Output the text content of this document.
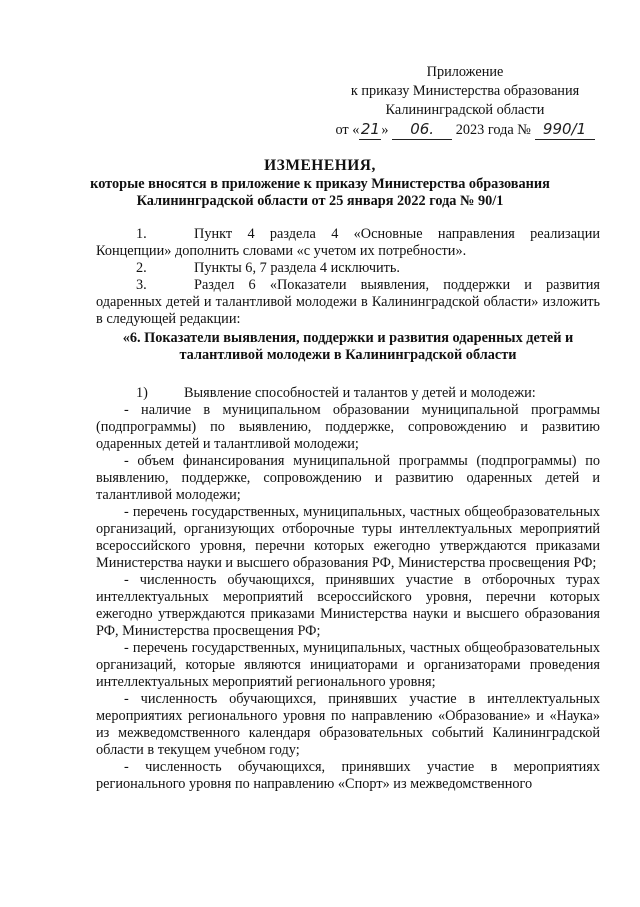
Приложение
к приказу Министерства образования
Калининградской области
от «21» 06. 2023 года № 990/1
ИЗМЕНЕНИЯ,
которые вносятся в приложение к приказу Министерства образования
Калининградской области от 25 января 2022 года № 90/1

1.	Пункт 4 раздела 4 «Основные направления реализации Концепции» дополнить словами «с учетом их потребности».

2.	Пункты 6, 7 раздела 4 исключить.

3.	Раздел 6 «Показатели выявления, поддержки и развития одаренных детей и талантливой молодежи в Калининградской области» изложить в следующей редакции:

«6. Показатели выявления, поддержки и развития одаренных детей и талантливой молодежи в Калининградской области

1)	Выявление способностей и талантов у детей и молодежи:

- наличие в муниципальном образовании муниципальной программы (подпрограммы) по выявлению, поддержке, сопровождению и развитию одаренных детей и талантливой молодежи;

- объем финансирования муниципальной программы (подпрограммы) по выявлению, поддержке, сопровождению и развитию одаренных детей и талантливой молодежи;

- перечень государственных, муниципальных, частных общеобразовательных организаций, организующих отборочные туры интеллектуальных мероприятий всероссийского уровня, перечни которых ежегодно утверждаются приказами Министерства науки и высшего образования РФ, Министерства просвещения РФ;

- численность обучающихся, принявших участие в отборочных турах интеллектуальных мероприятий всероссийского уровня, перечни которых ежегодно утверждаются приказами Министерства науки и высшего образования РФ, Министерства просвещения РФ;

- перечень государственных, муниципальных, частных общеобразовательных организаций, которые являются инициаторами и организаторами проведения интеллектуальных мероприятий регионального уровня;

- численность обучающихся, принявших участие в интеллектуальных мероприятиях регионального уровня по направлению «Образование» и «Наука» из межведомственного календаря образовательных событий Калининградской области в текущем учебном году;

- численность обучающихся, принявших участие в мероприятиях регионального уровня по направлению «Спорт» из межведомственного
